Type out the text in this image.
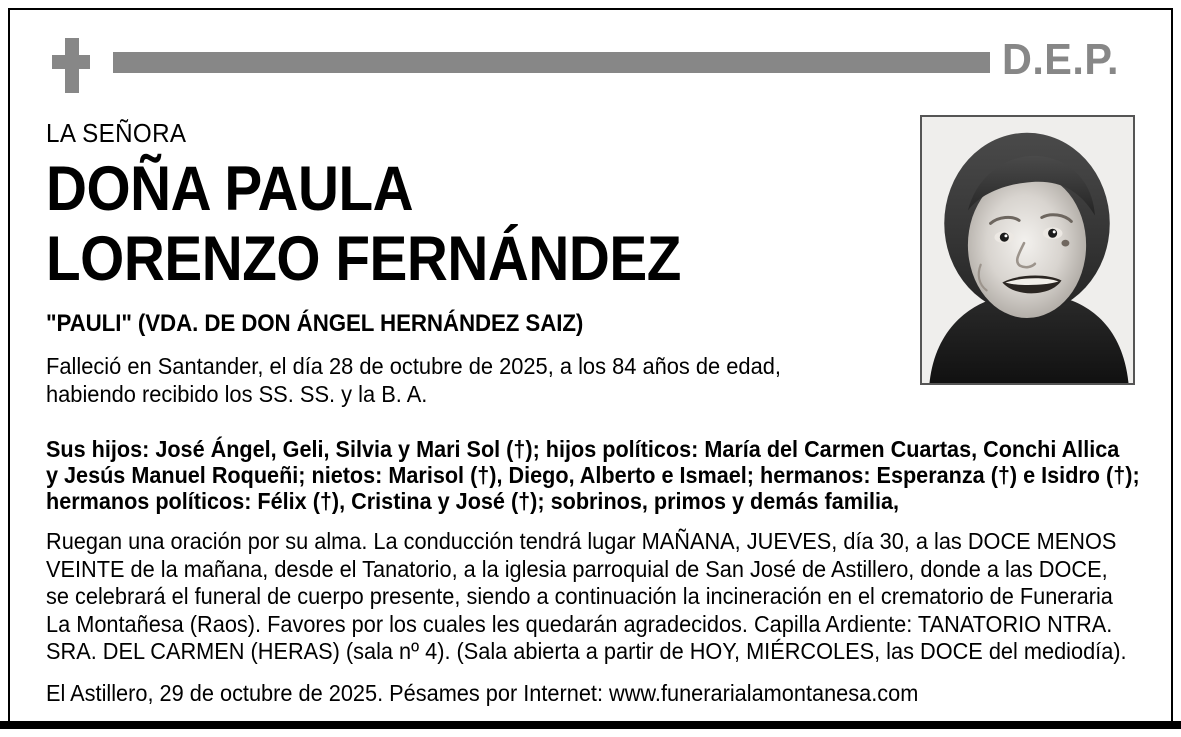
D.E.P.

LA SEÑORA

DOÑA PAULA
LORENZO FERNÁNDEZ

"PAULI" (VDA. DE DON ÁNGEL HERNÁNDEZ SAIZ)

Falleció en Santander, el día 28 de octubre de 2025, a los 84 años de edad,
habiendo recibido los SS. SS. y la B. A.
Sus hijos: José Ángel, Geli, Silvia y Mari Sol (†); hijos políticos: María del Carmen Cuartas, Conchi Allica
y Jesús Manuel Roqueñi; nietos: Marisol (†), Diego, Alberto e Ismael; hermanos: Esperanza (†) e Isidro (†);
hermanos políticos: Félix (†), Cristina y José (†); sobrinos, primos y demás familia,
Ruegan una oración por su alma. La conducción tendrá lugar MAÑANA, JUEVES, día 30, a las DOCE MENOS
VEINTE de la mañana, desde el Tanatorio, a la iglesia parroquial de San José de Astillero, donde a las DOCE,
se celebrará el funeral de cuerpo presente, siendo a continuación la incineración en el crematorio de Funeraria
La Montañesa (Raos). Favores por los cuales les quedarán agradecidos. Capilla Ardiente: TANATORIO NTRA.
SRA. DEL CARMEN (HERAS) (sala nº 4). (Sala abierta a partir de HOY, MIÉRCOLES, las DOCE del mediodía).
El Astillero, 29 de octubre de 2025. Pésames por Internet: www.funerarialamontanesa.com
